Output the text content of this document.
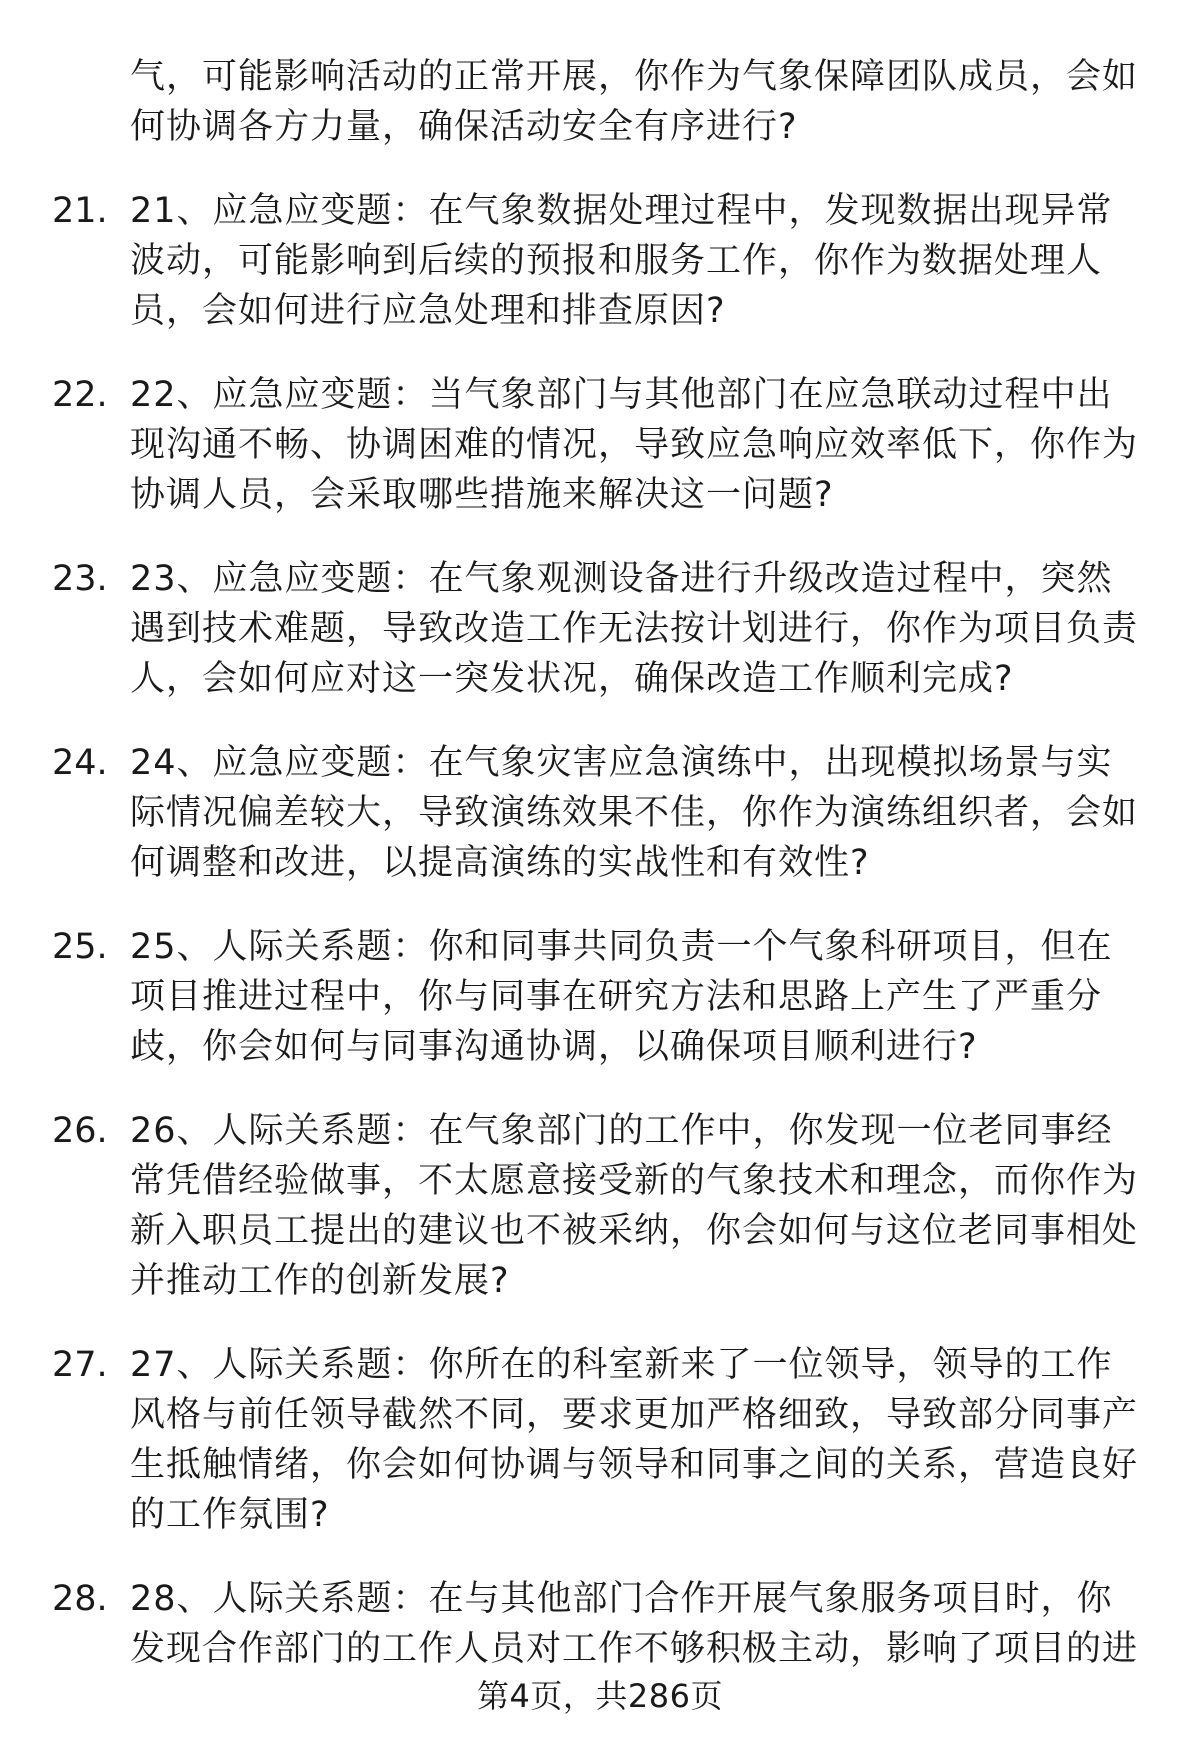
气，可能影响活动的正常开展，你作为气象保障团队成员，会如何协调各方力量，确保活动安全有序进行?
21. 21、应急应变题：在气象数据处理过程中，发现数据出现异常波动，可能影响到后续的预报和服务工作，你作为数据处理人员，会如何进行应急处理和排查原因?
22. 22、应急应变题：当气象部门与其他部门在应急联动过程中出现沟通不畅、协调困难的情况，导致应急响应效率低下，你作为协调人员，会采取哪些措施来解决这一问题?
23. 23、应急应变题：在气象观测设备进行升级改造过程中，突然遇到技术难题，导致改造工作无法按计划进行，你作为项目负责人，会如何应对这一突发状况，确保改造工作顺利完成?
24. 24、应急应变题：在气象灾害应急演练中，出现模拟场景与实际情况偏差较大，导致演练效果不佳，你作为演练组织者，会如何调整和改进，以提高演练的实战性和有效性?
25. 25、人际关系题：你和同事共同负责一个气象科研项目，但在项目推进过程中，你与同事在研究方法和思路上产生了严重分歧，你会如何与同事沟通协调，以确保项目顺利进行?
26. 26、人际关系题：在气象部门的工作中，你发现一位老同事经常凭借经验做事，不太愿意接受新的气象技术和理念，而你作为新入职员工提出的建议也不被采纳，你会如何与这位老同事相处并推动工作的创新发展?
27. 27、人际关系题：你所在的科室新来了一位领导，领导的工作风格与前任领导截然不同，要求更加严格细致，导致部分同事产生抵触情绪，你会如何协调与领导和同事之间的关系，营造良好的工作氛围?
28. 28、人际关系题：在与其他部门合作开展气象服务项目时，你发现合作部门的工作人员对工作不够积极主动，影响了项目的进
第4页，共286页
